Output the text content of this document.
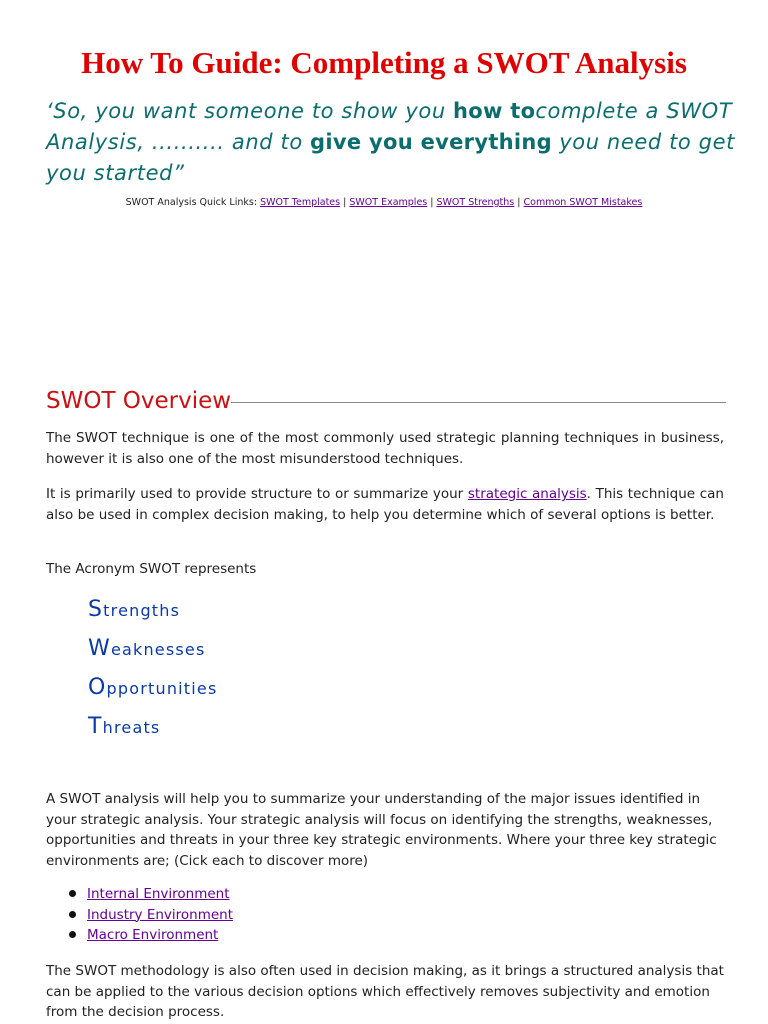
How To Guide: Completing a SWOT Analysis

‘So, you want someone to show you how tocomplete a SWOT Analysis, .......... and to give you everything you need to get you started”

SWOT Analysis Quick Links: SWOT Templates | SWOT Examples | SWOT Strengths | Common SWOT Mistakes
SWOT Overview

The SWOT technique is one of the most commonly used strategic planning techniques in business, however it is also one of the most misunderstood techniques.

It is primarily used to provide structure to or summarize your strategic analysis. This technique can also be used in complex decision making, to help you determine which of several options is better.

The Acronym SWOT represents

Strengths

Weaknesses

Opportunities

Threats

A SWOT analysis will help you to summarize your understanding of the major issues identified in your strategic analysis. Your strategic analysis will focus on identifying the strengths, weaknesses, opportunities and threats in your three key strategic environments. Where your three key strategic environments are; (Cick each to discover more)

Internal Environment
Industry Environment
Macro Environment

The SWOT methodology is also often used in decision making, as it brings a structured analysis that can be applied to the various decision options which effectively removes subjectivity and emotion from the decision process.
